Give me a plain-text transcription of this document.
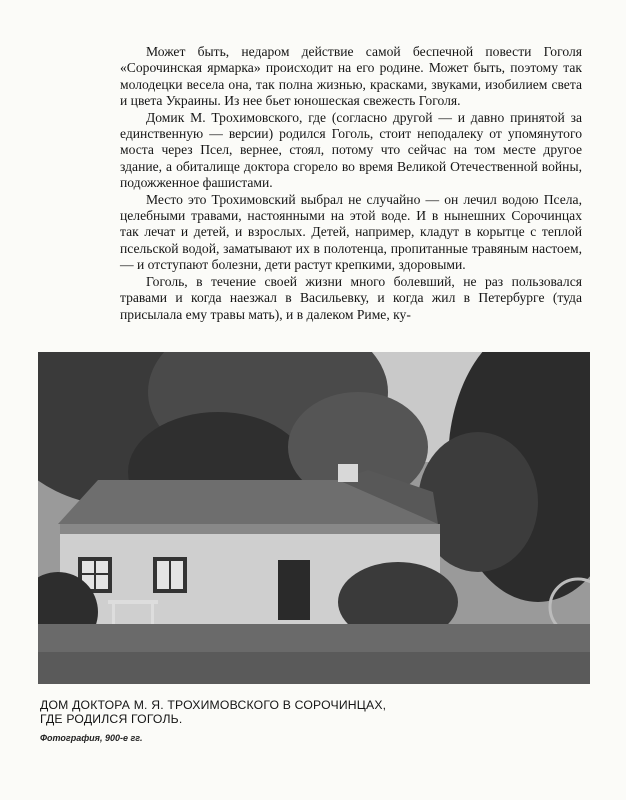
Может быть, недаром действие самой беспечной повести Гоголя «Сорочинская ярмарка» происходит на его родине. Может быть, поэтому так молодецки весела она, так полна жизнью, красками, звуками, изобилием света и цвета Украины. Из нее бьет юношеская свежесть Гоголя.

Домик М. Трохимовского, где (согласно другой — и давно принятой за единственную — версии) родился Гоголь, стоит неподалеку от упомянутого моста через Псел, вернее, стоял, потому что сейчас на том месте другое здание, а обиталище доктора сгорело во время Великой Отечественной войны, подожженное фашистами.

Место это Трохимовский выбрал не случайно — он лечил водою Псела, целебными травами, настоянными на этой воде. И в нынешних Сорочинцах так лечат и детей, и взрослых. Детей, например, кладут в корытце с теплой псельской водой, заматывают их в полотенца, пропитанные травяным настоем,— и отступают болезни, дети растут крепкими, здоровыми.

Гоголь, в течение своей жизни много болевший, не раз пользовался травами и когда наезжал в Васильевку, и когда жил в Петербурге (туда присылала ему травы мать), и в далеком Риме, ку-

ДОМ ДОКТОРА М. Я. ТРОХИМОВСКОГО В СОРОЧИНЦАХ,
ГДЕ РОДИЛСЯ ГОГОЛЬ.
Фотография, 900-е гг.
